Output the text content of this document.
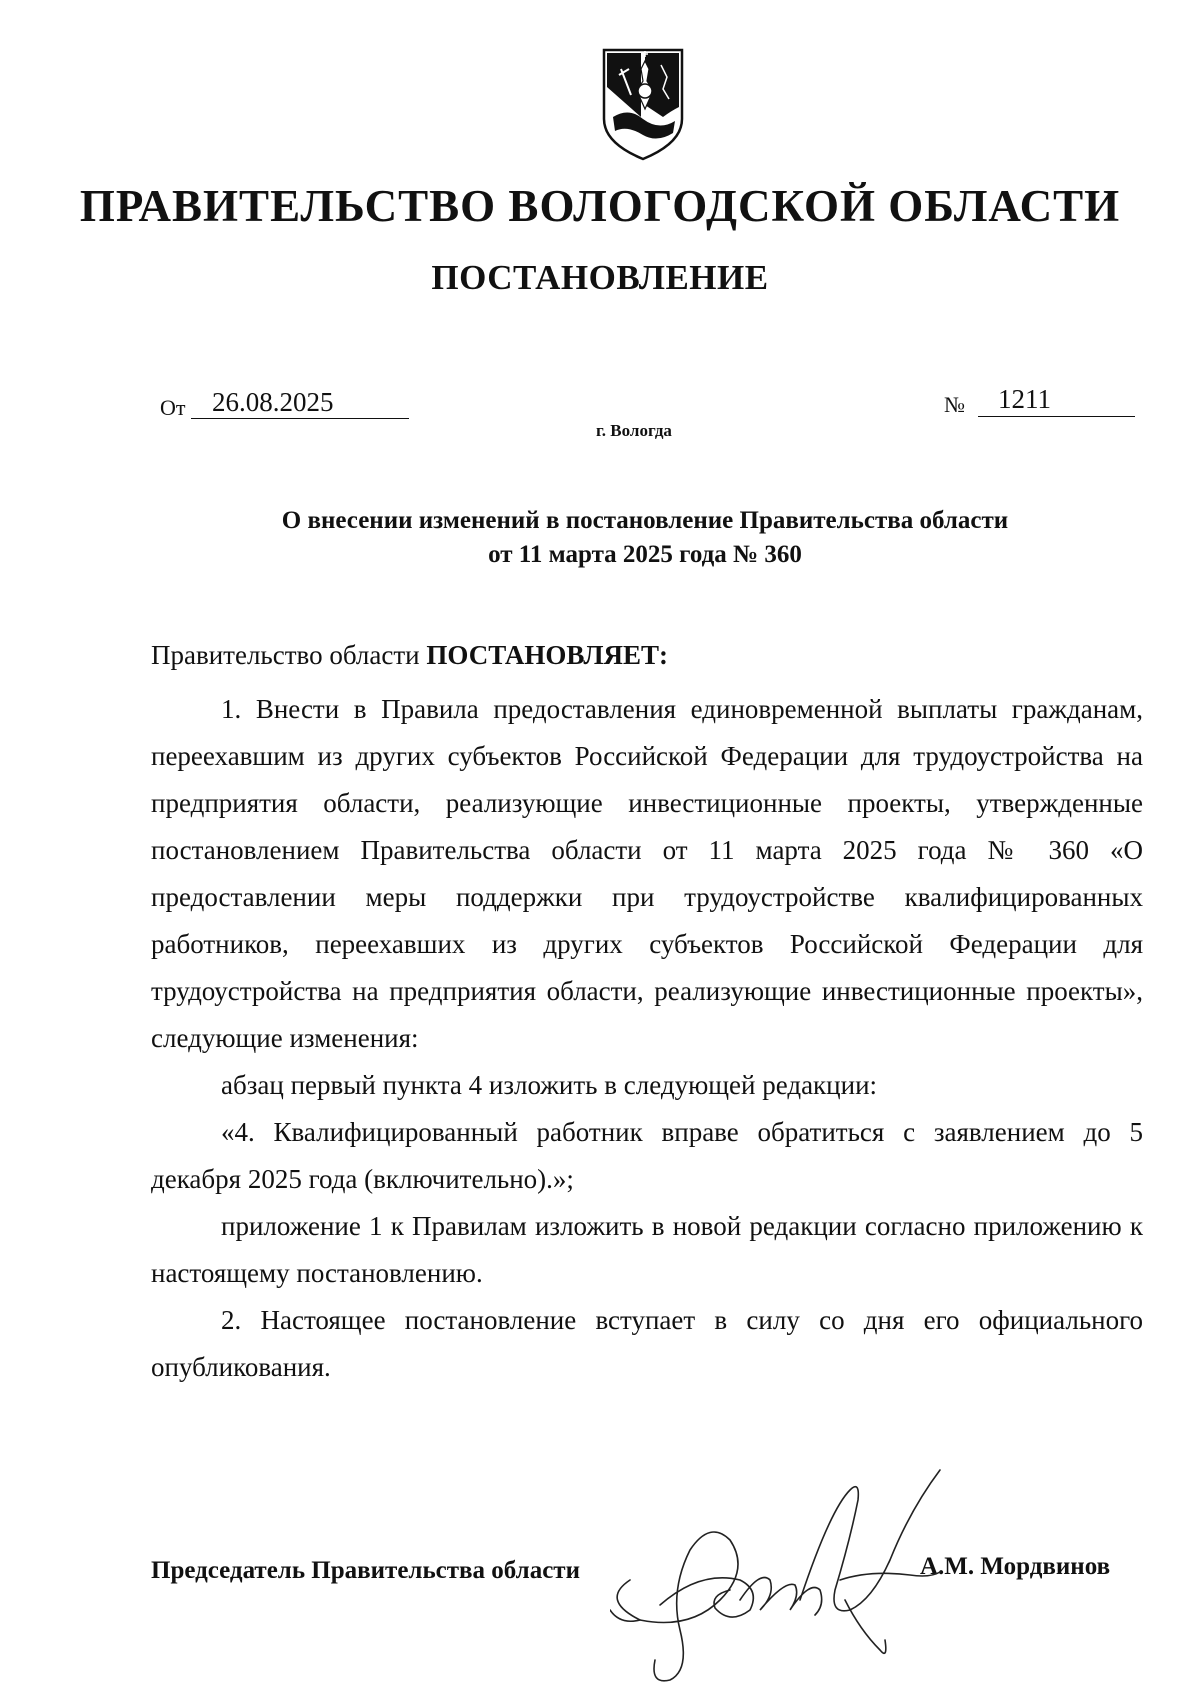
ПРАВИТЕЛЬСТВО ВОЛОГОДСКОЙ ОБЛАСТИ
ПОСТАНОВЛЕНИЕ
От 26.08.2025	№	1211
г. Вологда
О внесении изменений в постановление Правительства области
от 11 марта 2025 года № 360

Правительство области ПОСТАНОВЛЯЕТ:

1. Внести в Правила предоставления единовременной выплаты гражданам, переехавшим из других субъектов Российской Федерации для трудоустройства на предприятия области, реализующие инвестиционные проекты, утвержденные постановлением Правительства области от 11 марта 2025 года № 360 «О предоставлении меры поддержки при трудоустройстве квалифицированных работников, переехавших из других субъектов Российской Федерации для трудоустройства на предприятия области, реализующие инвестиционные проекты», следующие изменения:

абзац первый пункта 4 изложить в следующей редакции:

«4. Квалифицированный работник вправе обратиться с заявлением до 5 декабря 2025 года (включительно).»;

приложение 1 к Правилам изложить в новой редакции согласно приложению к настоящему постановлению.

2. Настоящее постановление вступает в силу со дня его официального опубликования.

Председатель Правительства области	А.М. Мордвинов
